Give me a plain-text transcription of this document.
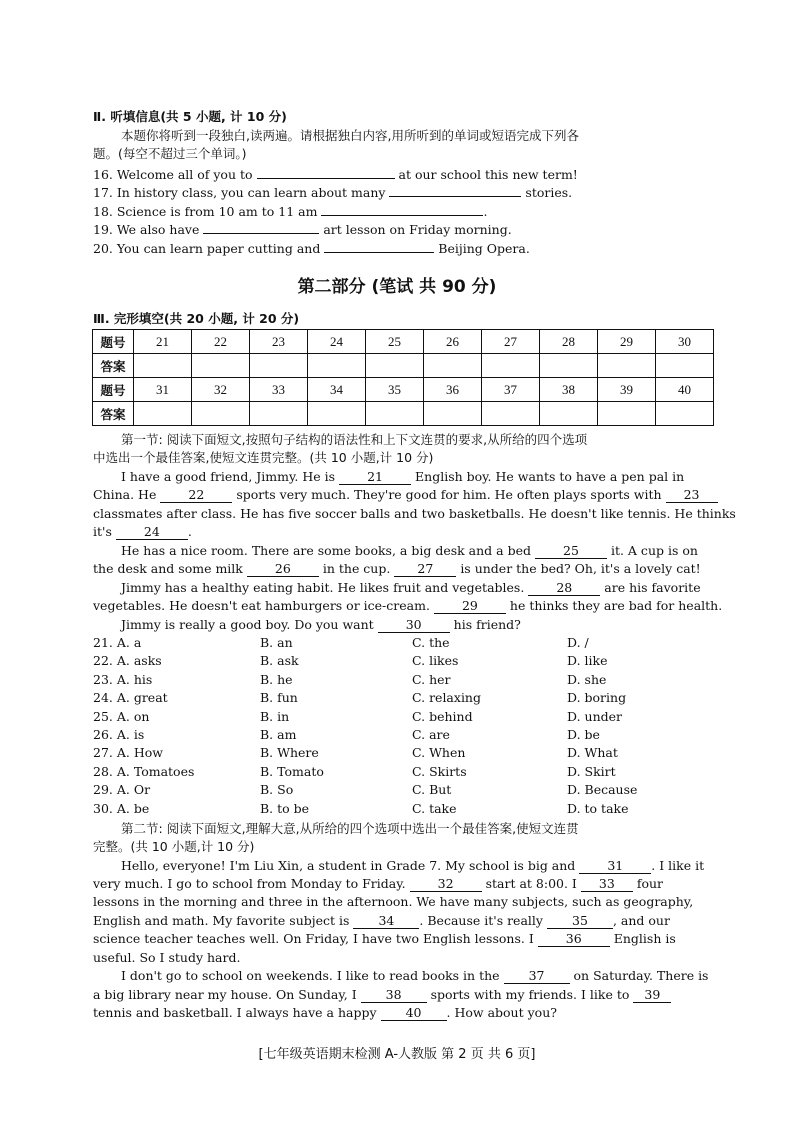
Ⅱ. 听填信息(共 5 小题, 计 10 分)
本题你将听到一段独白,读两遍。请根据独白内容,用所听到的单词或短语完成下列各
题。(每空不超过三个单词。)
16. Welcome all of you to	at our school this new term!
17. In history class, you can learn about many	stories.
18. Science is from 10 am to 11 am	.
19. We also have	art lesson on Friday morning.
20. You can learn paper cutting and	Beijing Opera.
第二部分 (笔试 共 90 分)
Ⅲ. 完形填空(共 20 小题, 计 20 分)
题号	21	22	23	24	25	26	27	28	29	30
答案										
题号	31	32	33	34	35	36	37	38	39	40
答案										
第一节: 阅读下面短文,按照句子结构的语法性和上下文连贯的要求,从所给的四个选项
中选出一个最佳答案,使短文连贯完整。(共 10 小题,计 10 分)
I have a good friend, Jimmy. He is	21	English boy. He wants to have a pen pal in
China. He	22	sports very much. They're good for him. He often plays sports with 23
classmates after class. He has five soccer balls and two basketballs. He doesn't like tennis. He thinks
it's	24 .
He has a nice room. There are some books, a big desk and a bed	25	it. A cup is on
the desk and some milk	26	in the cup. 27 is under the bed? Oh, it's a lovely cat!
Jimmy has a healthy eating habit. He likes fruit and vegetables.	28	are his favorite
vegetables. He doesn't eat hamburgers or ice-cream.	29	he thinks they are bad for health.
Jimmy is really a good boy. Do you want	30	his friend?
21. A. a	B. an	C. the	D. /
22. A. asks	B. ask	C. likes	D. like
23. A. his	B. he	C. her	D. she
24. A. great	B. fun	C. relaxing	D. boring
25. A. on	B. in	C. behind	D. under
26. A. is	B. am	C. are	D. be
27. A. How	B. Where	C. When	D. What
28. A. Tomatoes	B. Tomato	C. Skirts	D. Skirt
29. A. Or	B. So	C. But	D. Because
30. A. be	B. to be	C. take	D. to take
第二节: 阅读下面短文,理解大意,从所给的四个选项中选出一个最佳答案,使短文连贯
完整。(共 10 小题,计 10 分)
Hello, everyone! I'm Liu Xin, a student in Grade 7. My school is big and	31 . I like it
very much. I go to school from Monday to Friday.	32	start at 8:00. I 33 four
lessons in the morning and three in the afternoon. We have many subjects, such as geography,
English and math. My favorite subject is 34 . Because it's really 35 , and our
science teacher teaches well. On Friday, I have two English lessons. I	36	English is
useful. So I study hard.
I don't go to school on weekends. I like to read books in the 37 on Saturday. There is
a big library near my house. On Sunday, I 38 sports with my friends. I like to 39
tennis and basketball. I always have a happy 40 . How about you?
[七年级英语期末检测 A-人教版 第 2 页 共 6 页]
